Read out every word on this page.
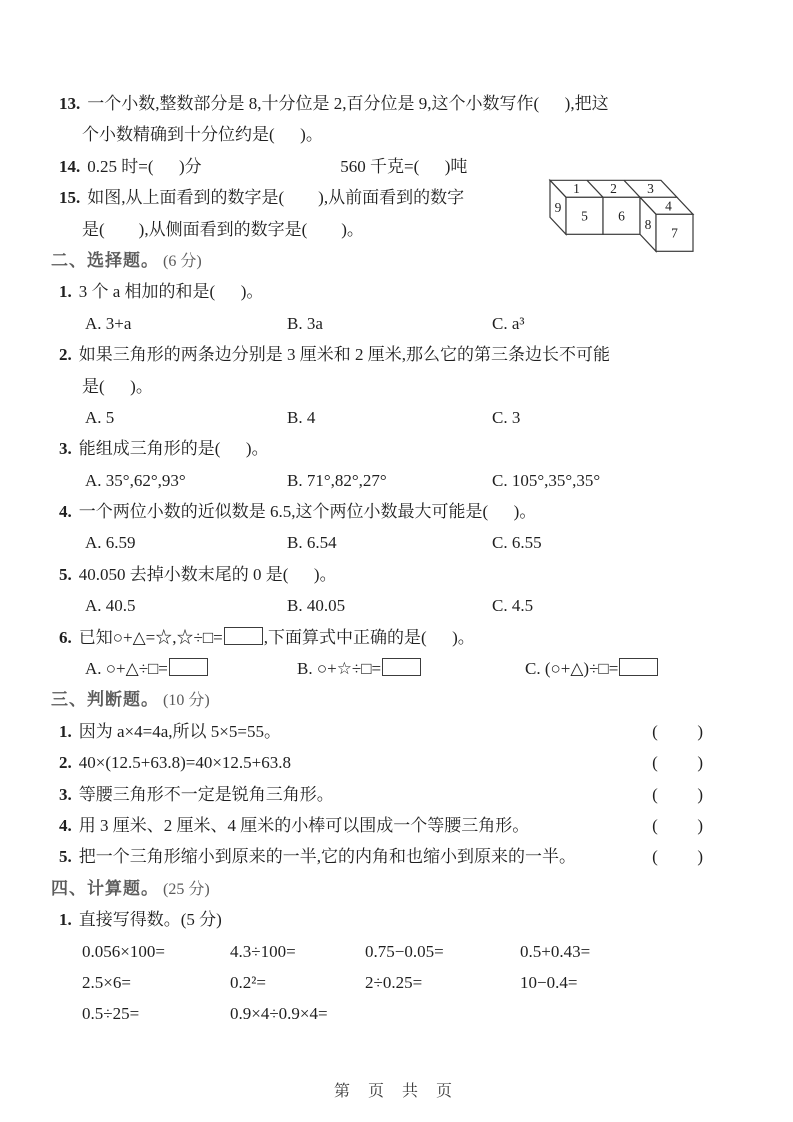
13. 一个小数,整数部分是 8,十分位是 2,百分位是 9,这个小数写作(      ),把这
个小数精确到十分位约是(      )。
14. 0.25 时=(      )分	560 千克=(      )吨
15. 如图,从上面看到的数字是(        ),从前面看到的数字
是(        ),从侧面看到的数字是(        )。
二、选择题。 (6 分)
1. 3 个 a 相加的和是(      )。
A. 3+a	B. 3a	C. a³
2. 如果三角形的两条边分别是 3 厘米和 2 厘米,那么它的第三条边长不可能
是(      )。
A. 5	B. 4	C. 3
3. 能组成三角形的是(      )。
A. 35°,62°,93°	B. 71°,82°,27°	C. 105°,35°,35°
4. 一个两位小数的近似数是 6.5,这个两位小数最大可能是(      )。
A. 6.59	B. 6.54	C. 6.55
5. 40.050 去掉小数末尾的 0 是(      )。
A. 40.5	B. 40.05	C. 4.5
6. 已知○+△=☆,☆÷□= ,下面算式中正确的是(      )。
A. ○+△÷□=	B. ○+☆÷□=	C. (○+△)÷□=
三、判断题。 (10 分)
1. 因为 a×4=4a,所以 5×5=55。	(      )
2. 40×(12.5+63.8)=40×12.5+63.8	(      )
3. 等腰三角形不一定是锐角三角形。	(      )
4. 用 3 厘米、2 厘米、4 厘米的小棒可以围成一个等腰三角形。	(      )
5. 把一个三角形缩小到原来的一半,它的内角和也缩小到原来的一半。	(      )
四、计算题。 (25 分)
1. 直接写得数。(5 分)
0.056×100=	4.3÷100=	0.75−0.05=	0.5+0.43=
2.5×6=	0.2²=	2÷0.25=	10−0.4=
0.5÷25=	0.9×4÷0.9×4=
1 2 3
9
5 6
4
8
7
第 页 共 页
